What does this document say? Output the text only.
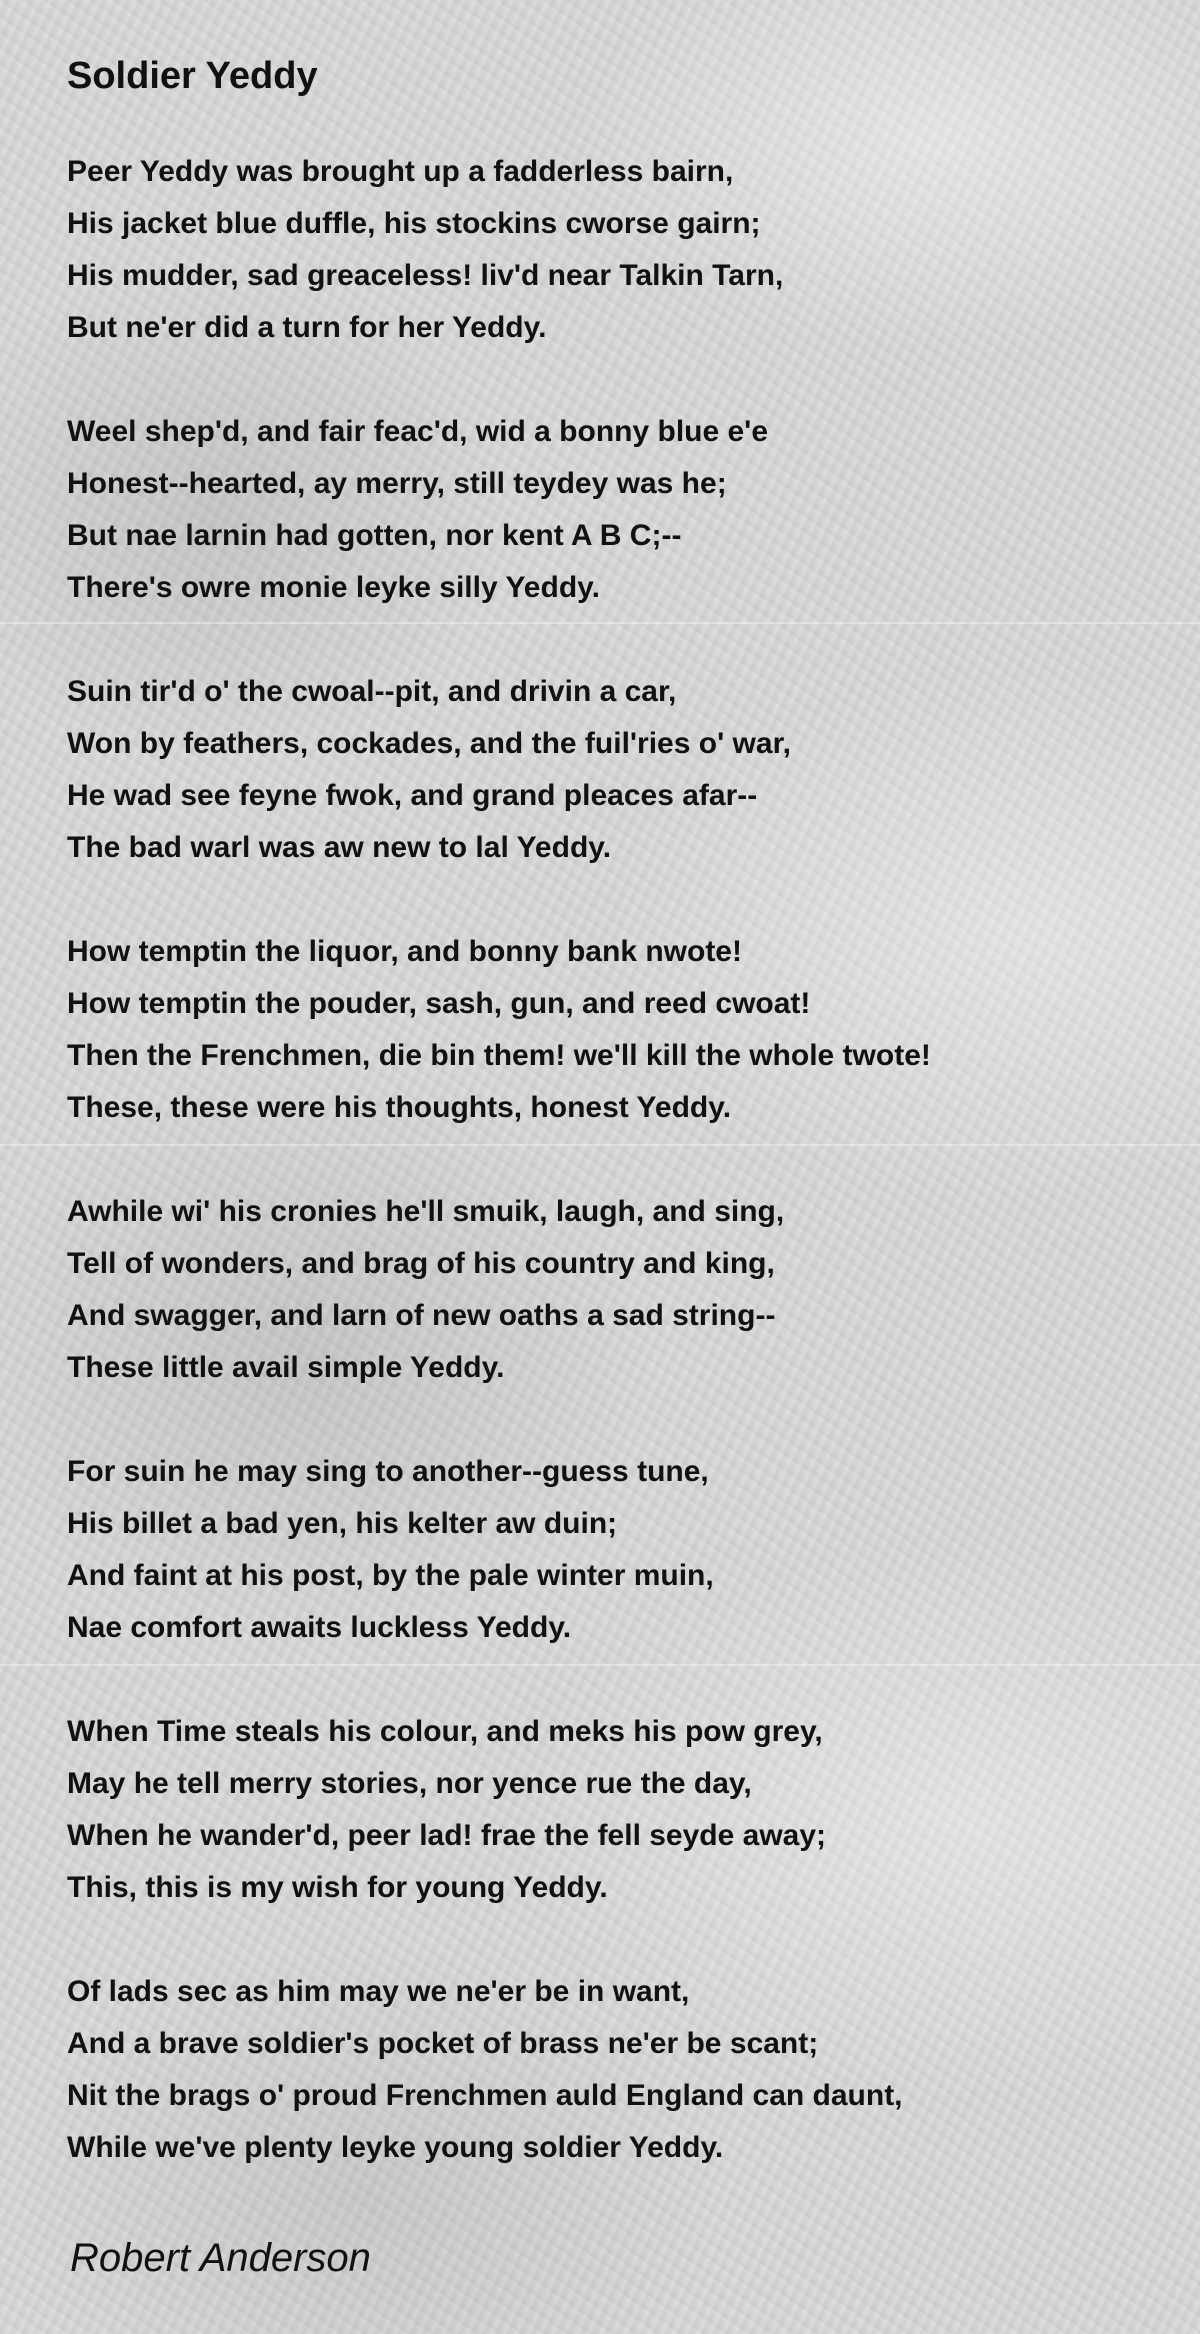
Soldier Yeddy
Peer Yeddy was brought up a fadderless bairn,
His jacket blue duffle, his stockins cworse gairn;
His mudder, sad greaceless! liv'd near Talkin Tarn,
But ne'er did a turn for her Yeddy.
Weel shep'd, and fair feac'd, wid a bonny blue e'e
Honest--hearted, ay merry, still teydey was he;
But nae larnin had gotten, nor kent A B C;--
There's owre monie leyke silly Yeddy.
Suin tir'd o' the cwoal--pit, and drivin a car,
Won by feathers, cockades, and the fuil'ries o' war,
He wad see feyne fwok, and grand pleaces afar--
The bad warl was aw new to lal Yeddy.
How temptin the liquor, and bonny bank nwote!
How temptin the pouder, sash, gun, and reed cwoat!
Then the Frenchmen, die bin them! we'll kill the whole twote!
These, these were his thoughts, honest Yeddy.
Awhile wi' his cronies he'll smuik, laugh, and sing,
Tell of wonders, and brag of his country and king,
And swagger, and larn of new oaths a sad string--
These little avail simple Yeddy.
For suin he may sing to another--guess tune,
His billet a bad yen, his kelter aw duin;
And faint at his post, by the pale winter muin,
Nae comfort awaits luckless Yeddy.
When Time steals his colour, and meks his pow grey,
May he tell merry stories, nor yence rue the day,
When he wander'd, peer lad! frae the fell seyde away;
This, this is my wish for young Yeddy.
Of lads sec as him may we ne'er be in want,
And a brave soldier's pocket of brass ne'er be scant;
Nit the brags o' proud Frenchmen auld England can daunt,
While we've plenty leyke young soldier Yeddy.
Robert Anderson
